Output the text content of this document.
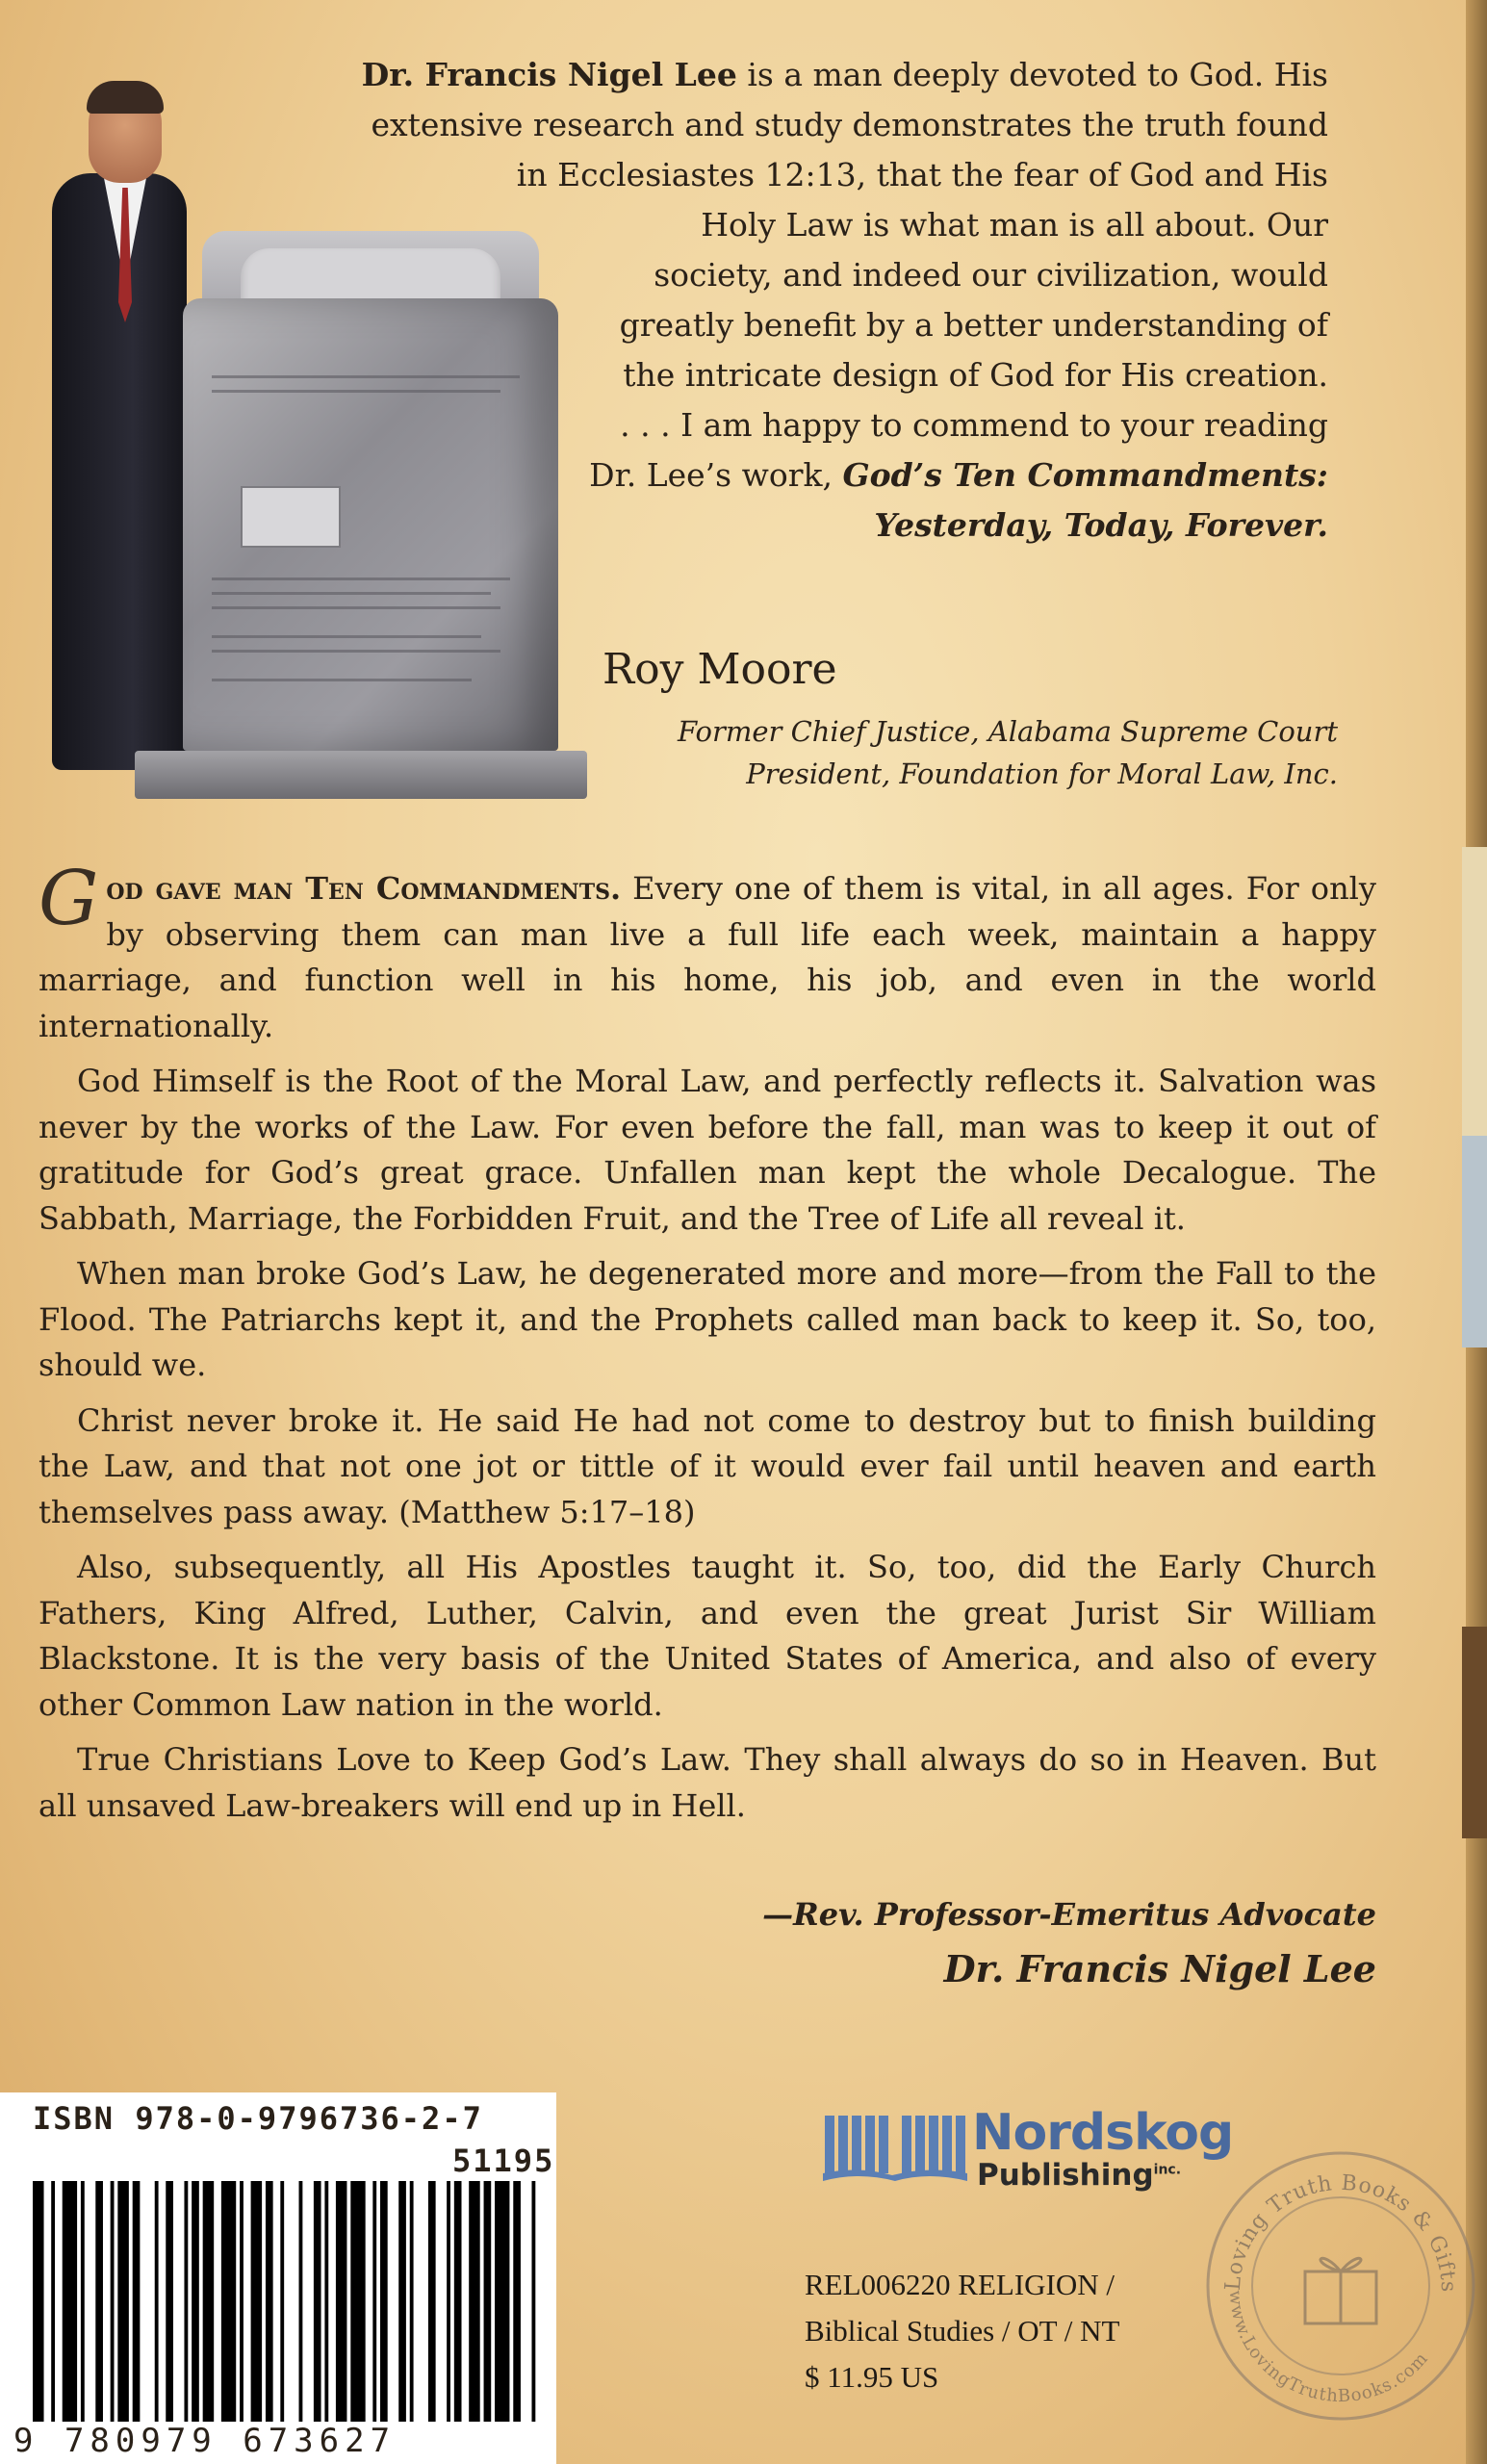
Dr. Francis Nigel Lee is a man deeply devoted to God. His
extensive research and study demonstrates the truth found
in Ecclesiastes 12:13, that the fear of God and His
Holy Law is what man is all about. Our
society, and indeed our civilization, would
greatly benefit by a better understanding of
the intricate design of God for His creation.
. . . I am happy to commend to your reading
Dr. Lee’s work, God’s Ten Commandments:
Yesterday, Today, Forever.
Roy Moore
Former Chief Justice, Alabama Supreme Court
President, Foundation for Moral Law, Inc.

God gave man Ten Commandments. Every one of them is vital, in all ages. For only by observing them can man live a full life each week, maintain a happy marriage, and function well in his home, his job, and even in the world internationally.

God Himself is the Root of the Moral Law, and perfectly reflects it. Salvation was never by the works of the Law. For even before the fall, man was to keep it out of gratitude for God’s great grace. Unfallen man kept the whole Decalogue. The Sabbath, Marriage, the Forbidden Fruit, and the Tree of Life all reveal it.

When man broke God’s Law, he degenerated more and more—from the Fall to the Flood. The Patriarchs kept it, and the Prophets called man back to keep it. So, too, should we.

Christ never broke it. He said He had not come to destroy but to finish building the Law, and that not one jot or tittle of it would ever fail until heaven and earth themselves pass away. (Matthew 5:17–18)

Also, subsequently, all His Apostles taught it. So, too, did the Early Church Fathers, King Alfred, Luther, Calvin, and even the great Jurist Sir William Blackstone. It is the very basis of the United States of America, and also of every other Common Law nation in the world.

True Christians Love to Keep God’s Law. They shall always do so in Heaven. But all unsaved Law-breakers will end up in Hell.

—Rev. Professor-Emeritus Advocate
Dr. Francis Nigel Lee
ISBN 978-0-9796736-2-7
51195
9 780979 673627
Nordskog
Publishing$^{inc.}$
REL006220 RELIGION /
Biblical Studies / OT / NT
$ 11.95 US
Loving Truth Books & Gifts
www.LovingTruthBooks.com
